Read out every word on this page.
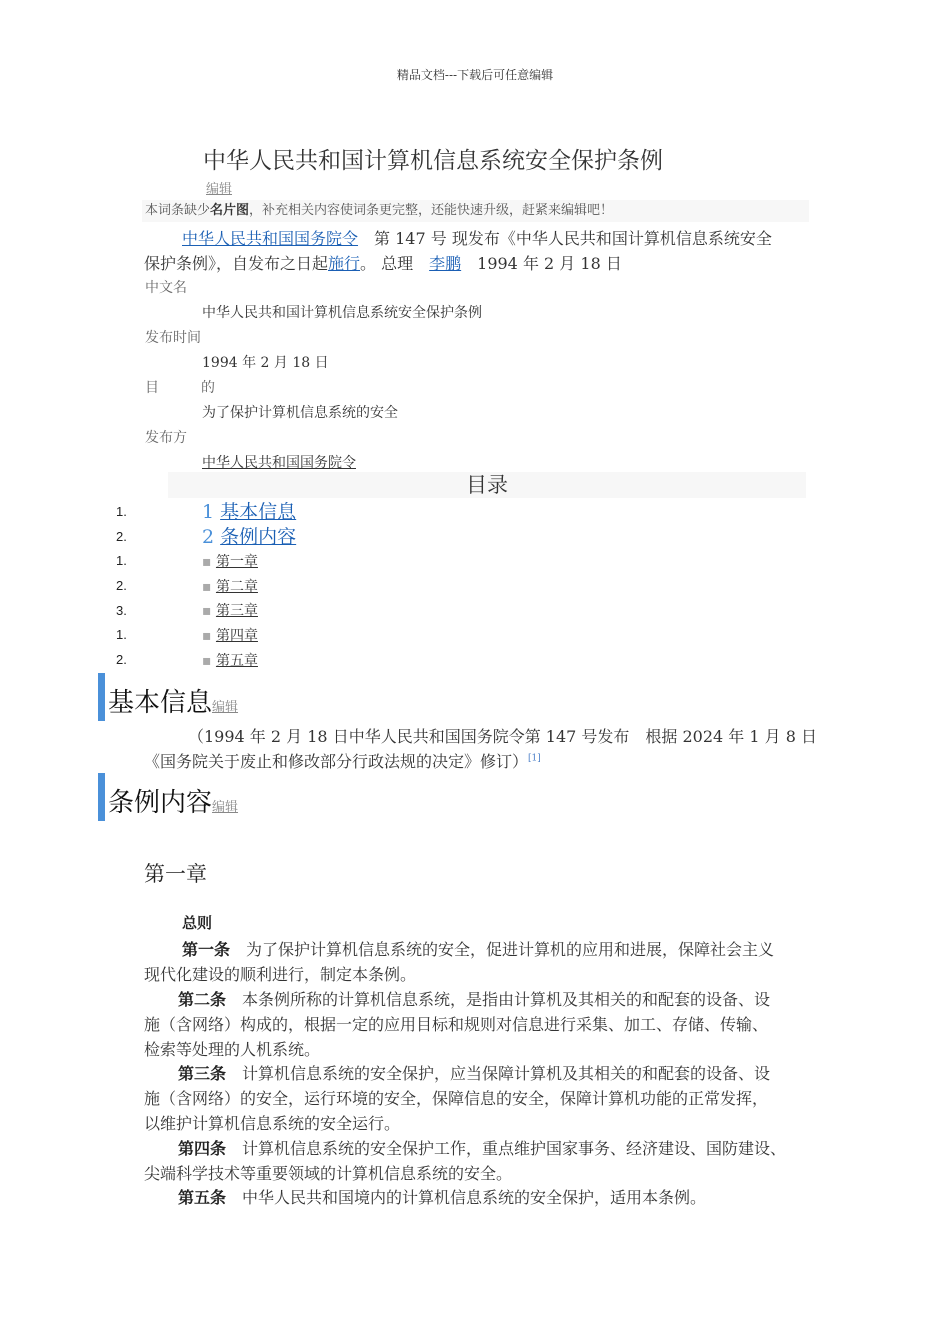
精品文档---下载后可任意编辑
中华人民共和国计算机信息系统安全保护条例
编辑
本词条缺少名片图，补充相关内容使词条更完整，还能快速升级，赶紧来编辑吧！
中华人民共和国国务院令　第 147 号 现发布《中华人民共和国计算机信息系统安全
保护条例》，自发布之日起施行。 总理　李鹏　1994 年 2 月 18 日
中文名
中华人民共和国计算机信息系统安全保护条例
发布时间
1994 年 2 月 18 日
目　　　的
为了保护计算机信息系统的安全
发布方
中华人民共和国国务院令
目录
1.	1 基本信息
2.	2 条例内容
1.	▪ 第一章
2.	▪ 第二章
3.	▪ 第三章
1.	▪ 第四章
2.	▪ 第五章
基本信息编辑
（1994 年 2 月 18 日中华人民共和国国务院令第 147 号发布　根据 2024 年 1 月 8 日
《国务院关于废止和修改部分行政法规的决定》修订）[1]
条例内容编辑
第一章
总则
第一条　 为了保护计算机信息系统的安全，促进计算机的应用和进展，保障社会主义
现代化建设的顺利进行，制定本条例。
第二条　 本条例所称的计算机信息系统，是指由计算机及其相关的和配套的设备、设
施（含网络）构成的，根据一定的应用目标和规则对信息进行采集、加工、存储、传输、
检索等处理的人机系统。
第三条　 计算机信息系统的安全保护，应当保障计算机及其相关的和配套的设备、设
施（含网络）的安全，运行环境的安全，保障信息的安全，保障计算机功能的正常发挥，
以维护计算机信息系统的安全运行。
第四条　 计算机信息系统的安全保护工作，重点维护国家事务、经济建设、国防建设、
尖端科学技术等重要领域的计算机信息系统的安全。
第五条　 中华人民共和国境内的计算机信息系统的安全保护，适用本条例。
